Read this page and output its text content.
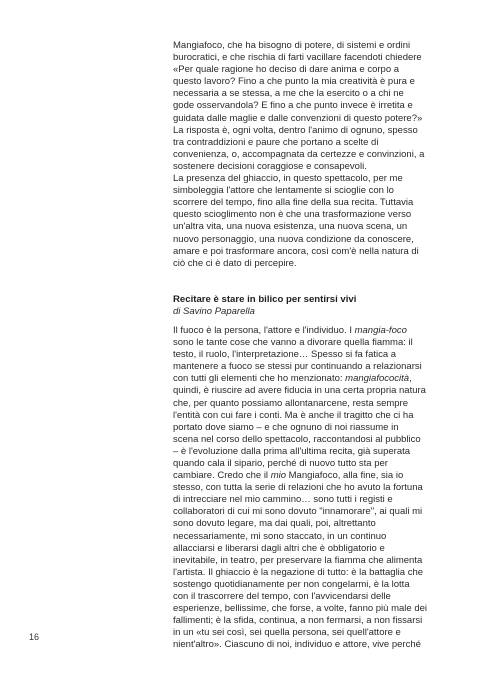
Mangiafoco, che ha bisogno di potere, di sistemi e ordini
burocratici, e che rischia di farti vacillare facendoti chiedere
«Per quale ragione ho deciso di dare anima e corpo a
questo lavoro? Fino a che punto la mia creatività è pura e
necessaria a se stessa, a me che la esercito o a chi ne
gode osservandola? E fino a che punto invece è irretita e
guidata dalle maglie e dalle convenzioni di questo potere?»
La risposta è, ogni volta, dentro l'animo di ognuno, spesso
tra contraddizioni e paure che portano a scelte di
convenienza, o, accompagnata da certezze e convinzioni, a
sostenere decisioni coraggiose e consapevoli.
La presenza del ghiaccio, in questo spettacolo, per me
simboleggia l'attore che lentamente si scioglie con lo
scorrere del tempo, fino alla fine della sua recita. Tuttavia
questo scioglimento non è che una trasformazione verso
un'altra vita, una nuova esistenza, una nuova scena, un
nuovo personaggio, una nuova condizione da conoscere,
amare e poi trasformare ancora, così com'è nella natura di
ciò che ci è dato di percepire.
Recitare è stare in bilico per sentirsi vivi
di Savino Paparella
Il fuoco è la persona, l'attore e l'individuo. I mangia-foco
sono le tante cose che vanno a divorare quella fiamma: il
testo, il ruolo, l'interpretazione… Spesso si fa fatica a
mantenere a fuoco se stessi pur continuando a relazionarsi
con tutti gli elementi che ho menzionato: mangiafococità,
quindi, è riuscire ad avere fiducia in una certa propria natura
che, per quanto possiamo allontanarcene, resta sempre
l'entità con cui fare i conti. Ma è anche il tragitto che ci ha
portato dove siamo – e che ognuno di noi riassume in
scena nel corso dello spettacolo, raccontandosi al pubblico
– è l'evoluzione dalla prima all'ultima recita, già superata
quando cala il sipario, perché di nuovo tutto sta per
cambiare. Credo che il mio Mangiafoco, alla fine, sia io
stesso, con tutta la serie di relazioni che ho avuto la fortuna
di intrecciare nel mio cammino… sono tutti i registi e
collaboratori di cui mi sono dovuto "innamorare", ai quali mi
sono dovuto legare, ma dai quali, poi, altrettanto
necessariamente, mi sono staccato, in un continuo
allacciarsi e liberarsi dagli altri che è obbligatorio e
inevitabile, in teatro, per preservare la fiamma che alimenta
l'artista. Il ghiaccio è la negazione di tutto: è la battaglia che
sostengo quotidianamente per non congelarmi, è la lotta
con il trascorrere del tempo, con l'avvicendarsi delle
esperienze, bellissime, che forse, a volte, fanno più male dei
fallimenti; è la sfida, continua, a non fermarsi, a non fissarsi
in un «tu sei così, sei quella persona, sei quell'attore e
nient'altro». Ciascuno di noi, individuo e attore, vive perché
16
